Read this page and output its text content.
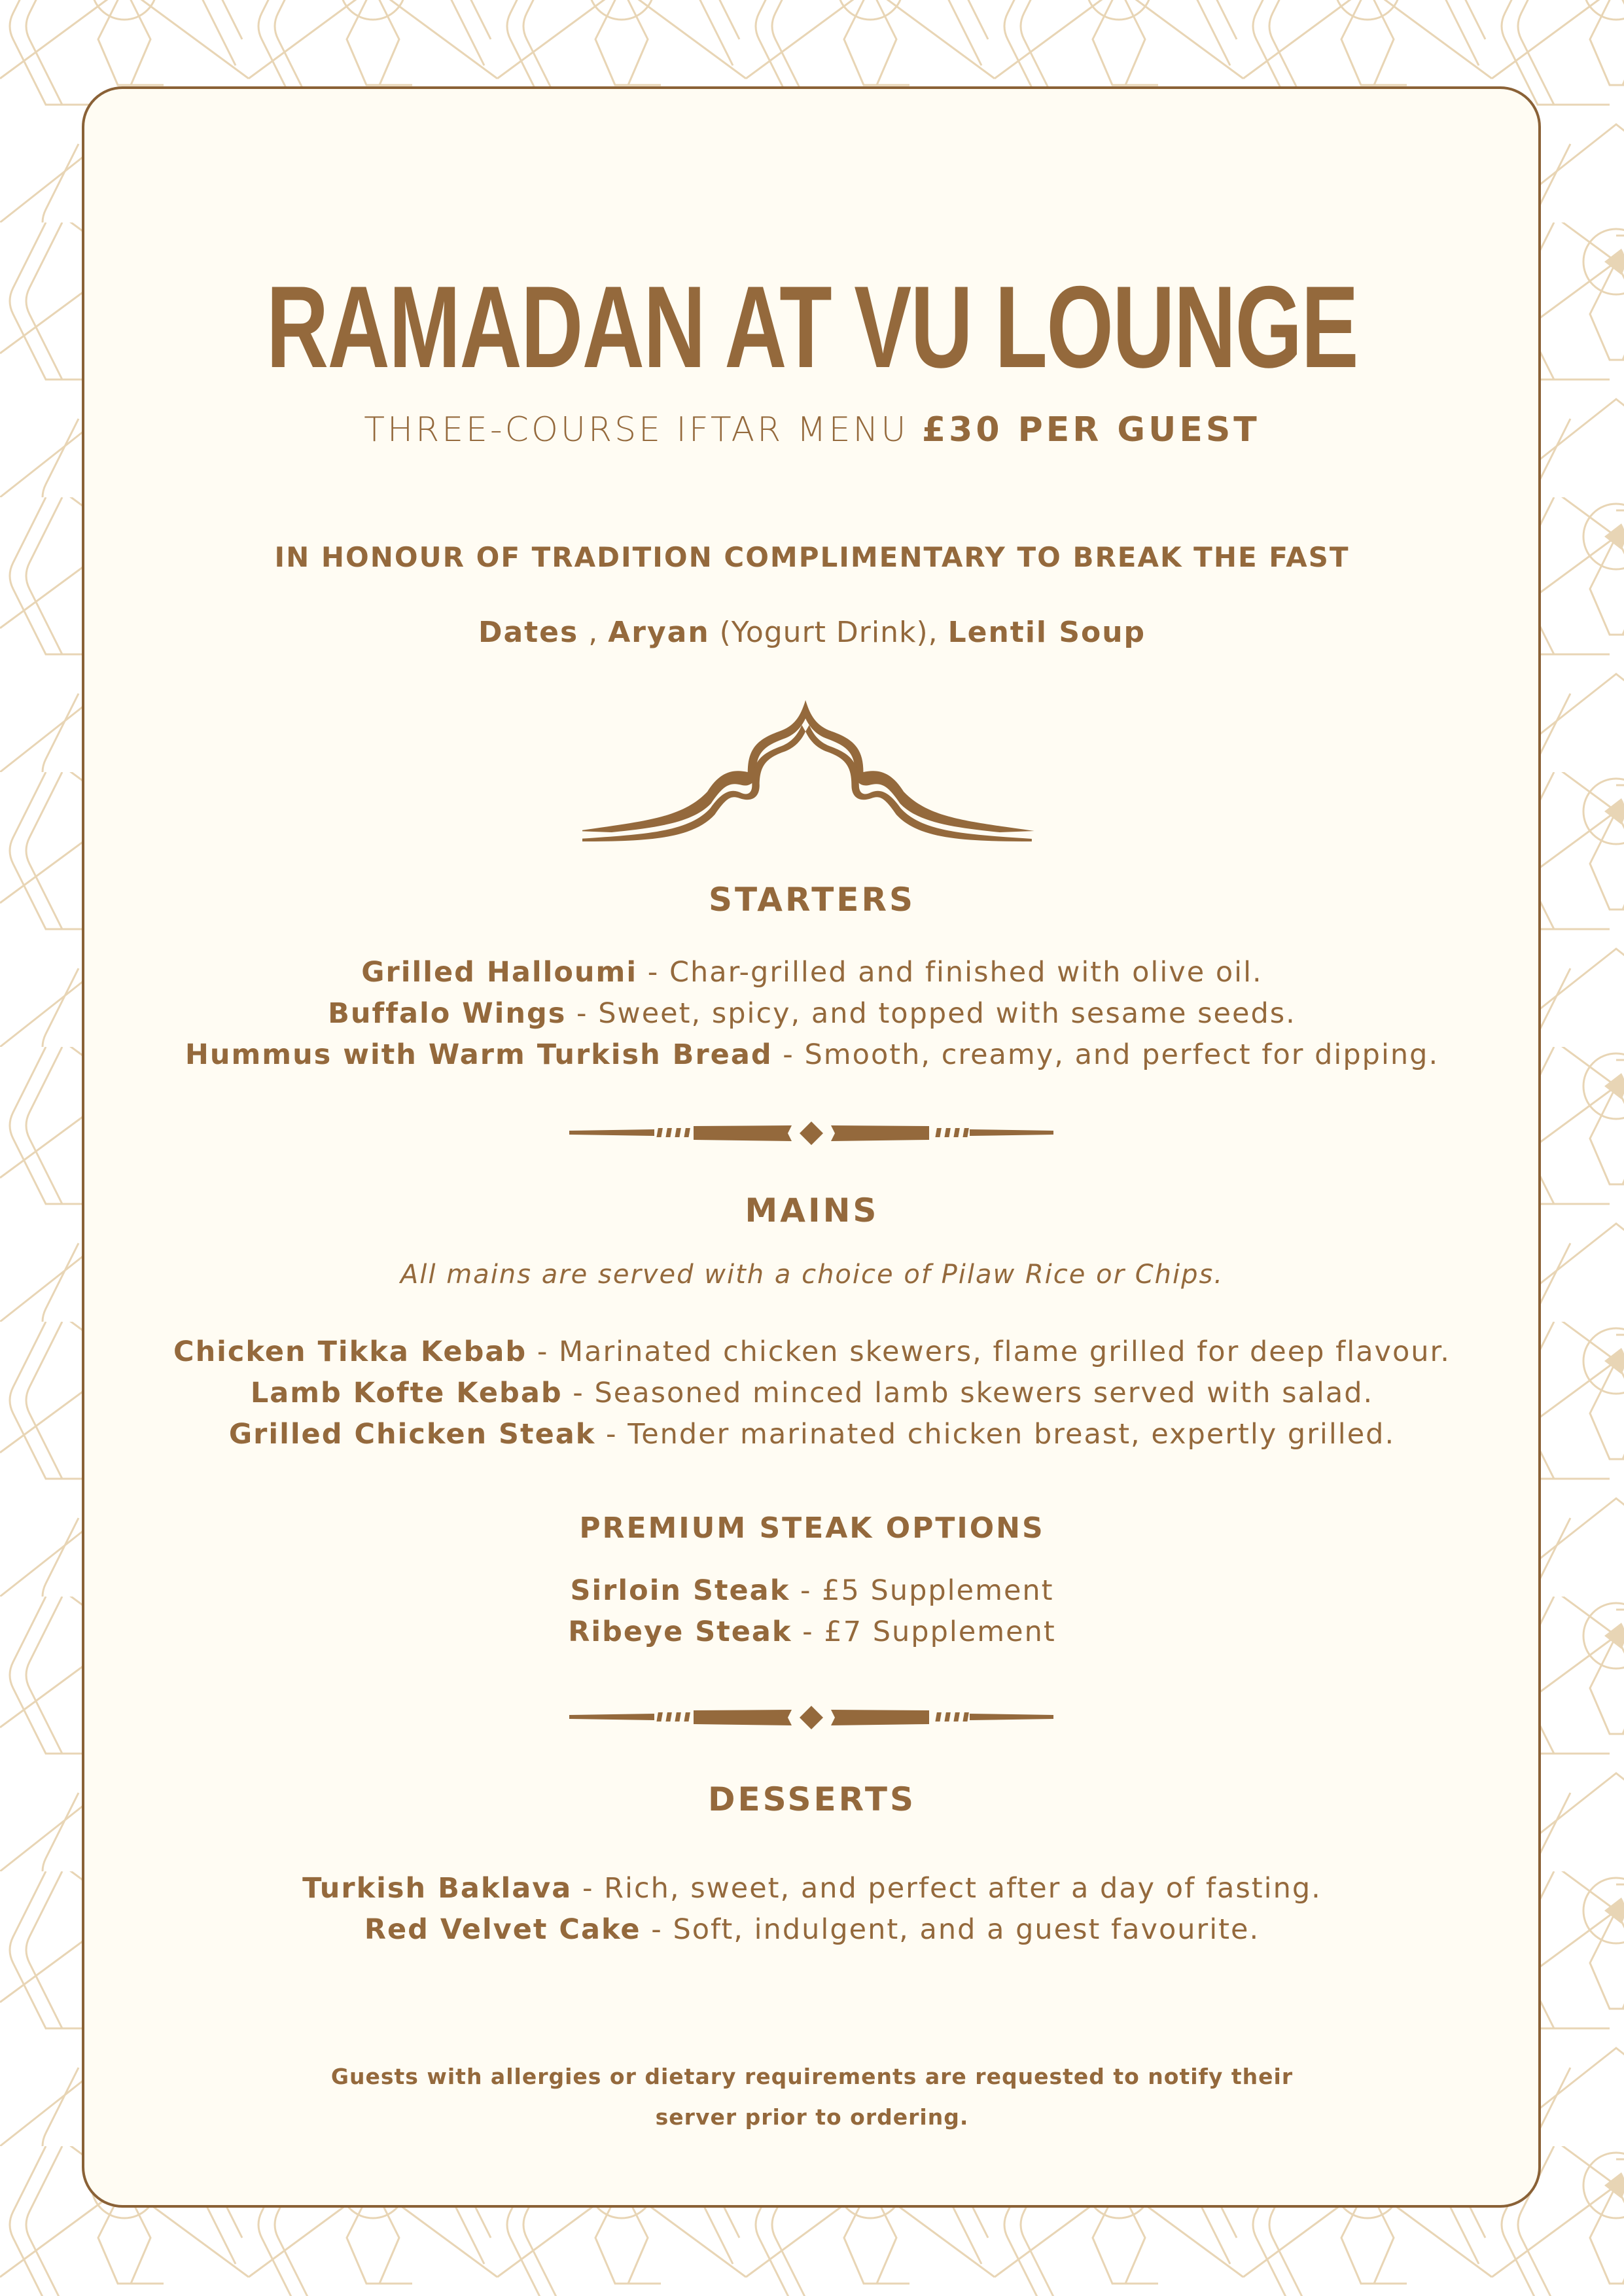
RAMADAN AT VU LOUNGE
THREE-COURSE IFTAR MENU £30 PER GUEST
IN HONOUR OF TRADITION COMPLIMENTARY TO BREAK THE FAST
Dates , Aryan (Yogurt Drink), Lentil Soup
STARTERS
Grilled Halloumi - Char-grilled and finished with olive oil.
Buffalo Wings - Sweet, spicy, and topped with sesame seeds.
Hummus with Warm Turkish Bread - Smooth, creamy, and perfect for dipping.
MAINS
All mains are served with a choice of Pilaw Rice or Chips.
Chicken Tikka Kebab - Marinated chicken skewers, flame grilled for deep flavour.
Lamb Kofte Kebab - Seasoned minced lamb skewers served with salad.
Grilled Chicken Steak - Tender marinated chicken breast, expertly grilled.
PREMIUM STEAK OPTIONS
Sirloin Steak - £5 Supplement
Ribeye Steak - £7 Supplement
DESSERTS
Turkish Baklava - Rich, sweet, and perfect after a day of fasting.
Red Velvet Cake - Soft, indulgent, and a guest favourite.
Guests with allergies or dietary requirements are requested to notify their
server prior to ordering.
